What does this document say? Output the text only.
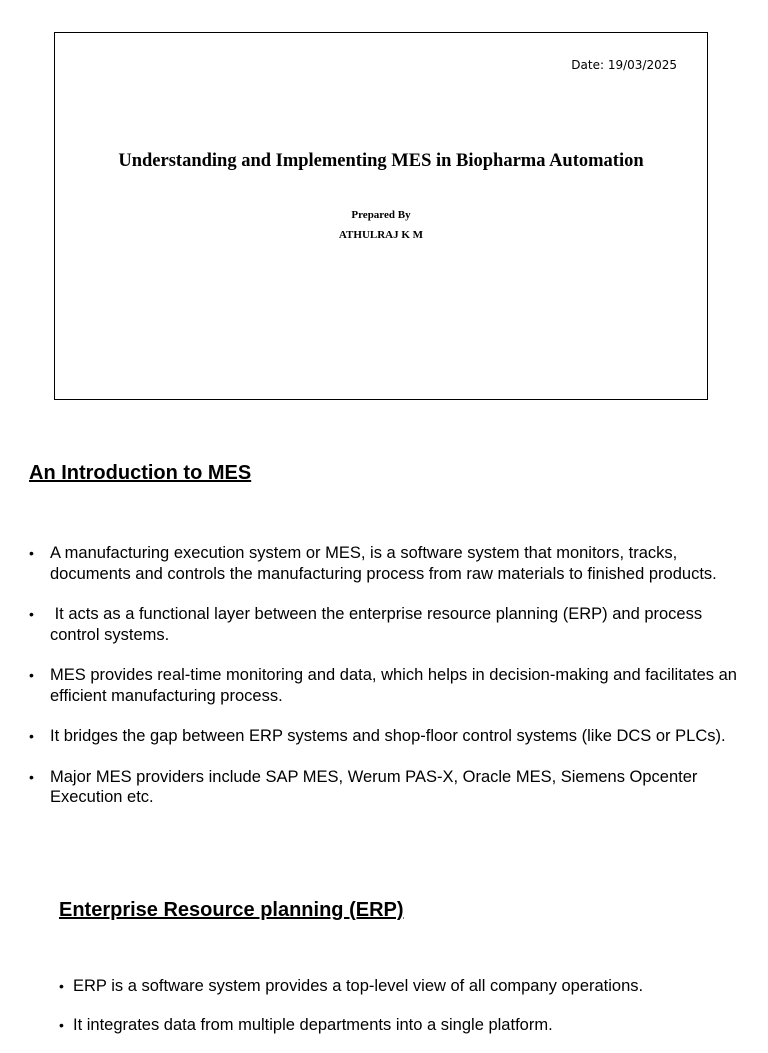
Date: 19/03/2025
Understanding and Implementing MES in Biopharma Automation
Prepared By
ATHULRAJ K M
An Introduction to MES
• A manufacturing execution system or MES, is a software system that monitors, tracks, documents and controls the manufacturing process from raw materials to finished products.
• It acts as a functional layer between the enterprise resource planning (ERP) and process control systems.
• MES provides real-time monitoring and data, which helps in decision-making and facilitates an efficient manufacturing process.
• It bridges the gap between ERP systems and shop-floor control systems (like DCS or PLCs).
• Major MES providers include SAP MES, Werum PAS-X, Oracle MES, Siemens Opcenter Execution etc.
Enterprise Resource planning (ERP)
• ERP is a software system provides a top-level view of all company operations.
• It integrates data from multiple departments into a single platform.
